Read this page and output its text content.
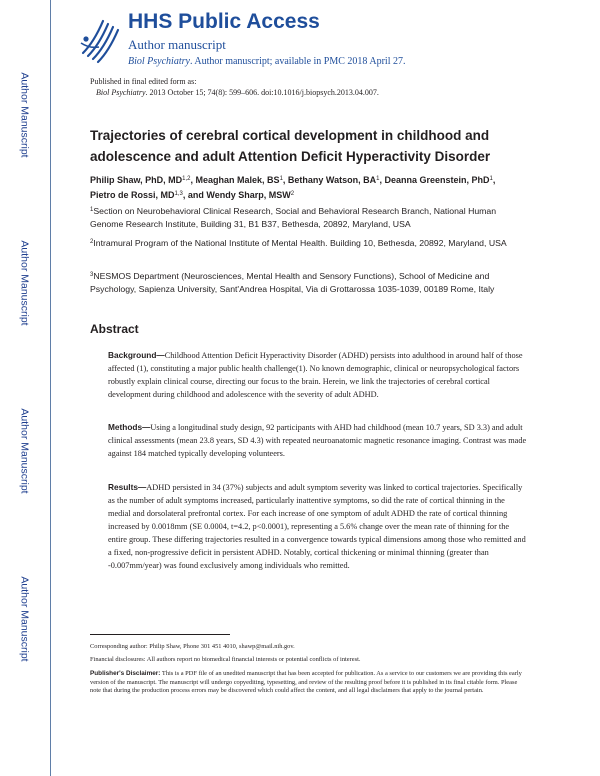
Author Manuscript
Author Manuscript
Author Manuscript
Author Manuscript
HHS Public Access
Author manuscript
Biol Psychiatry. Author manuscript; available in PMC 2018 April 27.
Published in final edited form as:
Biol Psychiatry. 2013 October 15; 74(8): 599–606. doi:10.1016/j.biopsych.2013.04.007.
Trajectories of cerebral cortical development in childhood and adolescence and adult Attention Deficit Hyperactivity Disorder

Philip Shaw, PhD, MD$^{1,2}$, Meaghan Malek, $BS^1$, Bethany Watson, $BA^1$, Deanna Greenstein, PhD$^1$, Pietro de Rossi, MD$^{1,3}$, and Wendy Sharp, MSW$^2$

$^1$Section on Neurobehavioral Clinical Research, Social and Behavioral Research Branch, National Human Genome Research Institute, Building 31, B1 B37, Bethesda, 20892, Maryland, USA

$^2$Intramural Program of the National Institute of Mental Health. Building 10, Bethesda, 20892, Maryland, USA

$^3$NESMOS Department (Neurosciences, Mental Health and Sensory Functions), School of Medicine and Psychology, Sapienza University, Sant'Andrea Hospital, Via di Grottarossa 1035-1039, 00189 Rome, Italy

Abstract

Background—Childhood Attention Deficit Hyperactivity Disorder (ADHD) persists into adulthood in around half of those affected (1), constituting a major public health challenge(1). No known demographic, clinical or neuropsychological factors robustly explain clinical course, directing our focus to the brain. Herein, we link the trajectories of cerebral cortical development during childhood and adolescence with the severity of adult ADHD.

Methods—Using a longitudinal study design, 92 participants with AHD had childhood (mean 10.7 years, SD 3.3) and adult clinical assessments (mean 23.8 years, SD 4.3) with repeated neuroanatomic magnetic resonance imaging. Contrast was made against 184 matched typically developing volunteers.

Results—ADHD persisted in 34 (37%) subjects and adult symptom severity was linked to cortical trajectories. Specifically as the number of adult symptoms increased, particularly inattentive symptoms, so did the rate of cortical thinning in the medial and dorsolateral prefrontal cortex. For each increase of one symptom of adult ADHD the rate of cortical thinning increased by 0.0018mm (SE 0.0004, t=4.2, p<0.0001), representing a 5.6% change over the mean rate of thinning for the entire group. These differing trajectories resulted in a convergence towards typical dimensions among those who remitted and a fixed, non-progressive deficit in persistent ADHD. Notably, cortical thickening or minimal thinning (greater than -0.007mm/year) was found exclusively among individuals who remitted.

Corresponding author: Philip Shaw, Phone 301 451 4010, shawp@mail.nih.gov.

Financial disclosures: All authors report no biomedical financial interests or potential conflicts of interest.

Publisher's Disclaimer: This is a PDF file of an unedited manuscript that has been accepted for publication. As a service to our customers we are providing this early version of the manuscript. The manuscript will undergo copyediting, typesetting, and review of the resulting proof before it is published in its final citable form. Please note that during the production process errors may be discovered which could affect the content, and all legal disclaimers that apply to the journal pertain.
